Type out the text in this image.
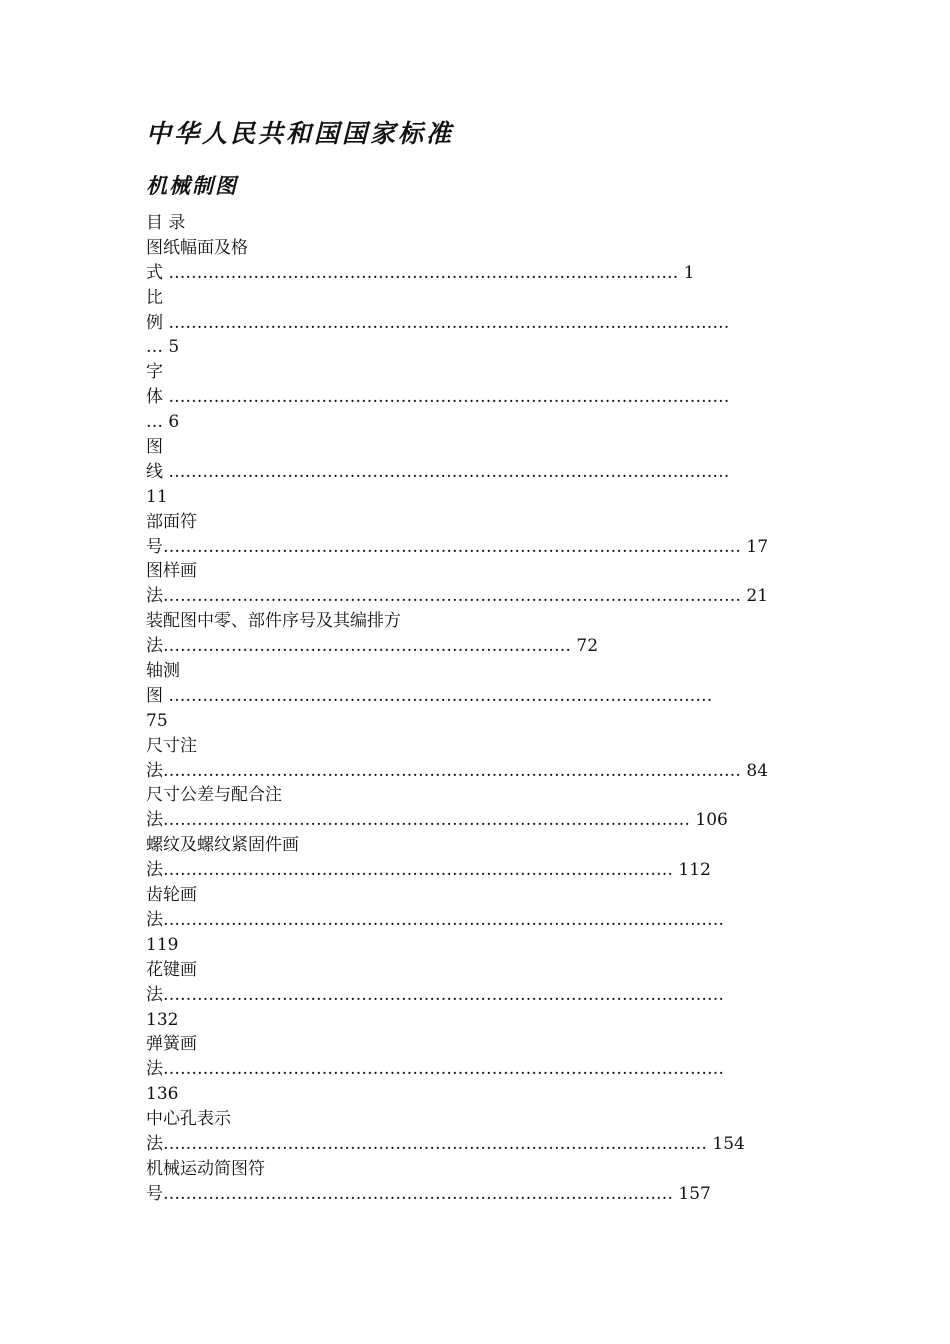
中华人民共和国国家标准
机械制图
目 录
图纸幅面及格
式 ……………………………………………………………………………… 1
比
例 ………………………………………………………………………………………
… 5
字
体 ………………………………………………………………………………………
… 6
图
线 ………………………………………………………………………………………
11
部面符
号………………………………………………………………………………………… 17
图样画
法………………………………………………………………………………………… 21
装配图中零、部件序号及其编排方
法……………………………………………………………… 72
轴测
图 ……………………………………………………………………………………
75
尺寸注
法………………………………………………………………………………………… 84
尺寸公差与配合注
法………………………………………………………………………………… 106
螺纹及螺纹紧固件画
法……………………………………………………………………………… 112
齿轮画
法………………………………………………………………………………………
119
花键画
法………………………………………………………………………………………
132
弹簧画
法………………………………………………………………………………………
136
中心孔表示
法…………………………………………………………………………………… 154
机械运动简图符
号……………………………………………………………………………… 157
